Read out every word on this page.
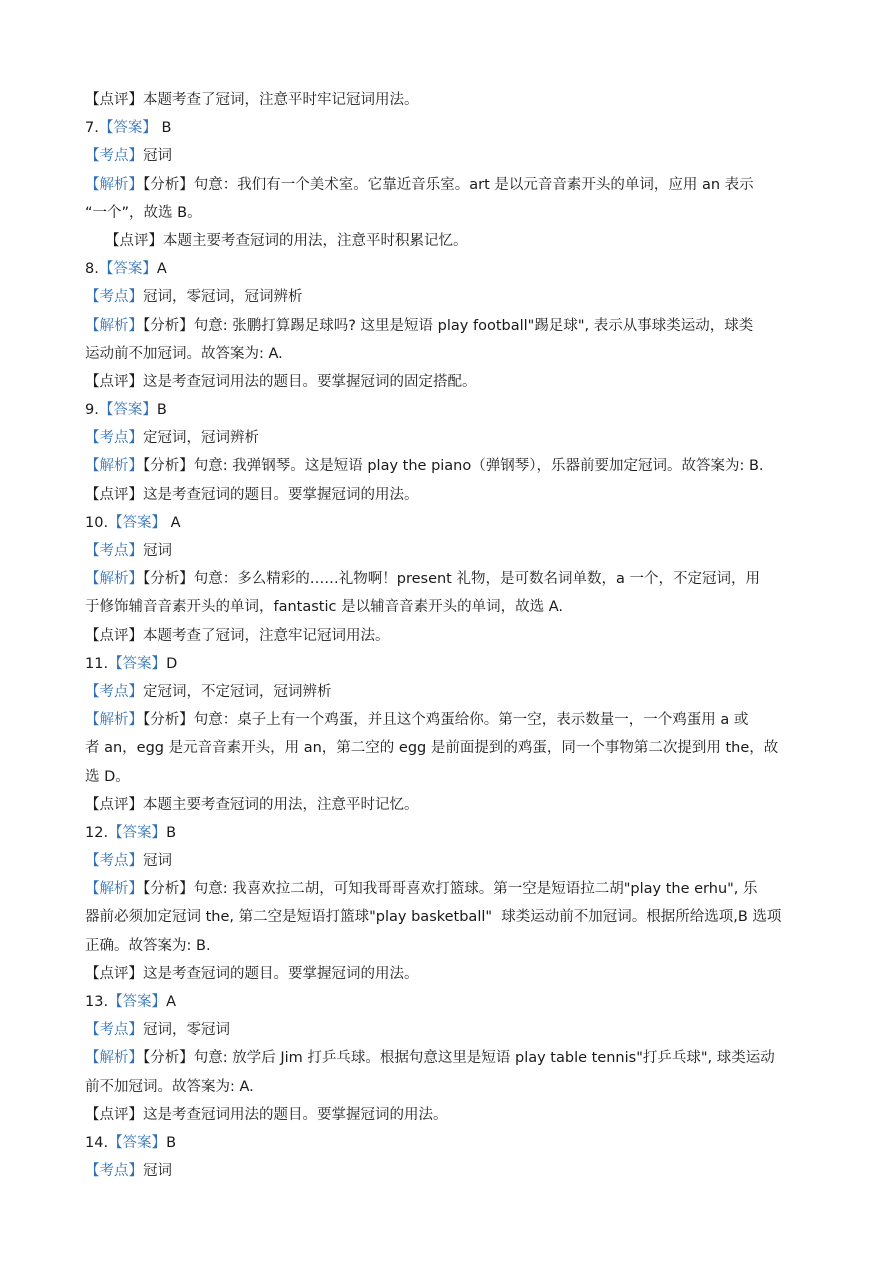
【点评】本题考查了冠词，注意平时牢记冠词用法。
7.【答案】 B
【考点】冠词
【解析】【分析】句意：我们有一个美术室。它靠近音乐室。art 是以元音音素开头的单词，应用 an 表示
“一个”，故选 B。
【点评】本题主要考查冠词的用法，注意平时积累记忆。
8.【答案】A
【考点】冠词，零冠词，冠词辨析
【解析】【分析】句意: 张鹏打算踢足球吗? 这里是短语 play football"踢足球", 表示从事球类运动，球类
运动前不加冠词。故答案为: A.
【点评】这是考查冠词用法的题目。要掌握冠词的固定搭配。
9.【答案】B
【考点】定冠词，冠词辨析
【解析】【分析】句意: 我弹钢琴。这是短语 play the piano（弹钢琴），乐器前要加定冠词。故答案为: B.
【点评】这是考查冠词的题目。要掌握冠词的用法。
10.【答案】 A
【考点】冠词
【解析】【分析】句意：多么精彩的……礼物啊！present 礼物，是可数名词单数，a 一个，不定冠词，用
于修饰辅音音素开头的单词，fantastic 是以辅音音素开头的单词，故选 A.
【点评】本题考查了冠词，注意牢记冠词用法。
11.【答案】D
【考点】定冠词，不定冠词，冠词辨析
【解析】【分析】句意：桌子上有一个鸡蛋，并且这个鸡蛋给你。第一空，表示数量一，一个鸡蛋用 a 或
者 an，egg 是元音音素开头，用 an，第二空的 egg 是前面提到的鸡蛋，同一个事物第二次提到用 the，故
选 D。
【点评】本题主要考查冠词的用法，注意平时记忆。
12.【答案】B
【考点】冠词
【解析】【分析】句意: 我喜欢拉二胡，可知我哥哥喜欢打篮球。第一空是短语拉二胡"play the erhu", 乐
器前必须加定冠词 the, 第二空是短语打篮球"play basketball"  球类运动前不加冠词。根据所给选项,B 选项
正确。故答案为: B.
【点评】这是考查冠词的题目。要掌握冠词的用法。
13.【答案】A
【考点】冠词，零冠词
【解析】【分析】句意: 放学后 Jim 打乒乓球。根据句意这里是短语 play table tennis"打乒乓球", 球类运动
前不加冠词。故答案为: A.
【点评】这是考查冠词用法的题目。要掌握冠词的用法。
14.【答案】B
【考点】冠词
